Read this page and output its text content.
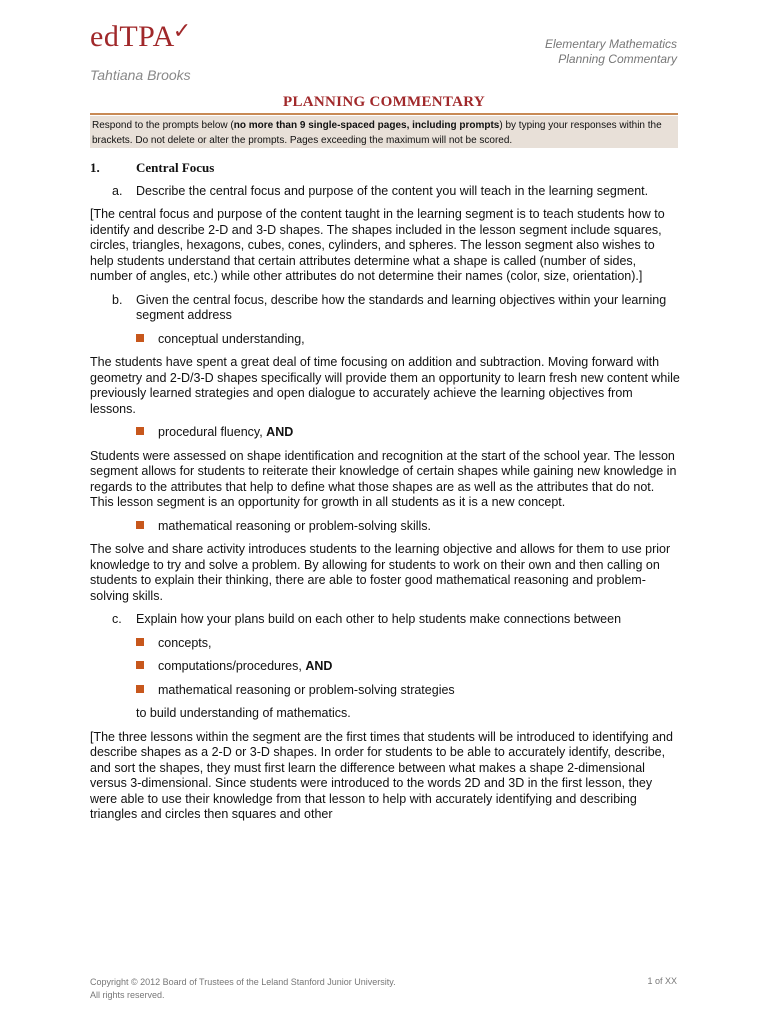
edTPA✓
Elementary Mathematics
Planning Commentary
Tahtiana Brooks
PLANNING COMMENTARY
Respond to the prompts below (no more than 9 single-spaced pages, including prompts) by typing your responses within the brackets. Do not delete or alter the prompts. Pages exceeding the maximum will not be scored.
1.	Central Focus
a.	Describe the central focus and purpose of the content you will teach in the learning segment.
[The central focus and purpose of the content taught in the learning segment is to teach students how to identify and describe 2-D and 3-D shapes. The shapes included in the lesson segment include squares, circles, triangles, hexagons, cubes, cones, cylinders, and spheres. The lesson segment also wishes to help students understand that certain attributes determine what a shape is called (number of sides, number of angles, etc.) while other attributes do not determine their names (color, size, orientation).]
b.	Given the central focus, describe how the standards and learning objectives within your learning segment address
conceptual understanding,
The students have spent a great deal of time focusing on addition and subtraction. Moving forward with geometry and 2-D/3-D shapes specifically will provide them an opportunity to learn fresh new content while previously learned strategies and open dialogue to accurately achieve the learning objectives from lessons.
procedural fluency, AND
Students were assessed on shape identification and recognition at the start of the school year. The lesson segment allows for students to reiterate their knowledge of certain shapes while gaining new knowledge in regards to the attributes that help to define what those shapes are as well as the attributes that do not. This lesson segment is an opportunity for growth in all students as it is a new concept.
mathematical reasoning or problem-solving skills.
The solve and share activity introduces students to the learning objective and allows for them to use prior knowledge to try and solve a problem. By allowing for students to work on their own and then calling on students to explain their thinking, there are able to foster good mathematical reasoning and problem-solving skills.
c.	Explain how your plans build on each other to help students make connections between
concepts,
computations/procedures, AND
mathematical reasoning or problem-solving strategies
to build understanding of mathematics.
[The three lessons within the segment are the first times that students will be introduced to identifying and describe shapes as a 2-D or 3-D shapes. In order for students to be able to accurately identify, describe, and sort the shapes, they must first learn the difference between what makes a shape 2-dimensional versus 3-dimensional. Since students were introduced to the words 2D and 3D in the first lesson, they were able to use their knowledge from that lesson to help with accurately identifying and describing triangles and circles then squares and other
Copyright © 2012 Board of Trustees of the Leland Stanford Junior University.
All rights reserved.
1 of XX
